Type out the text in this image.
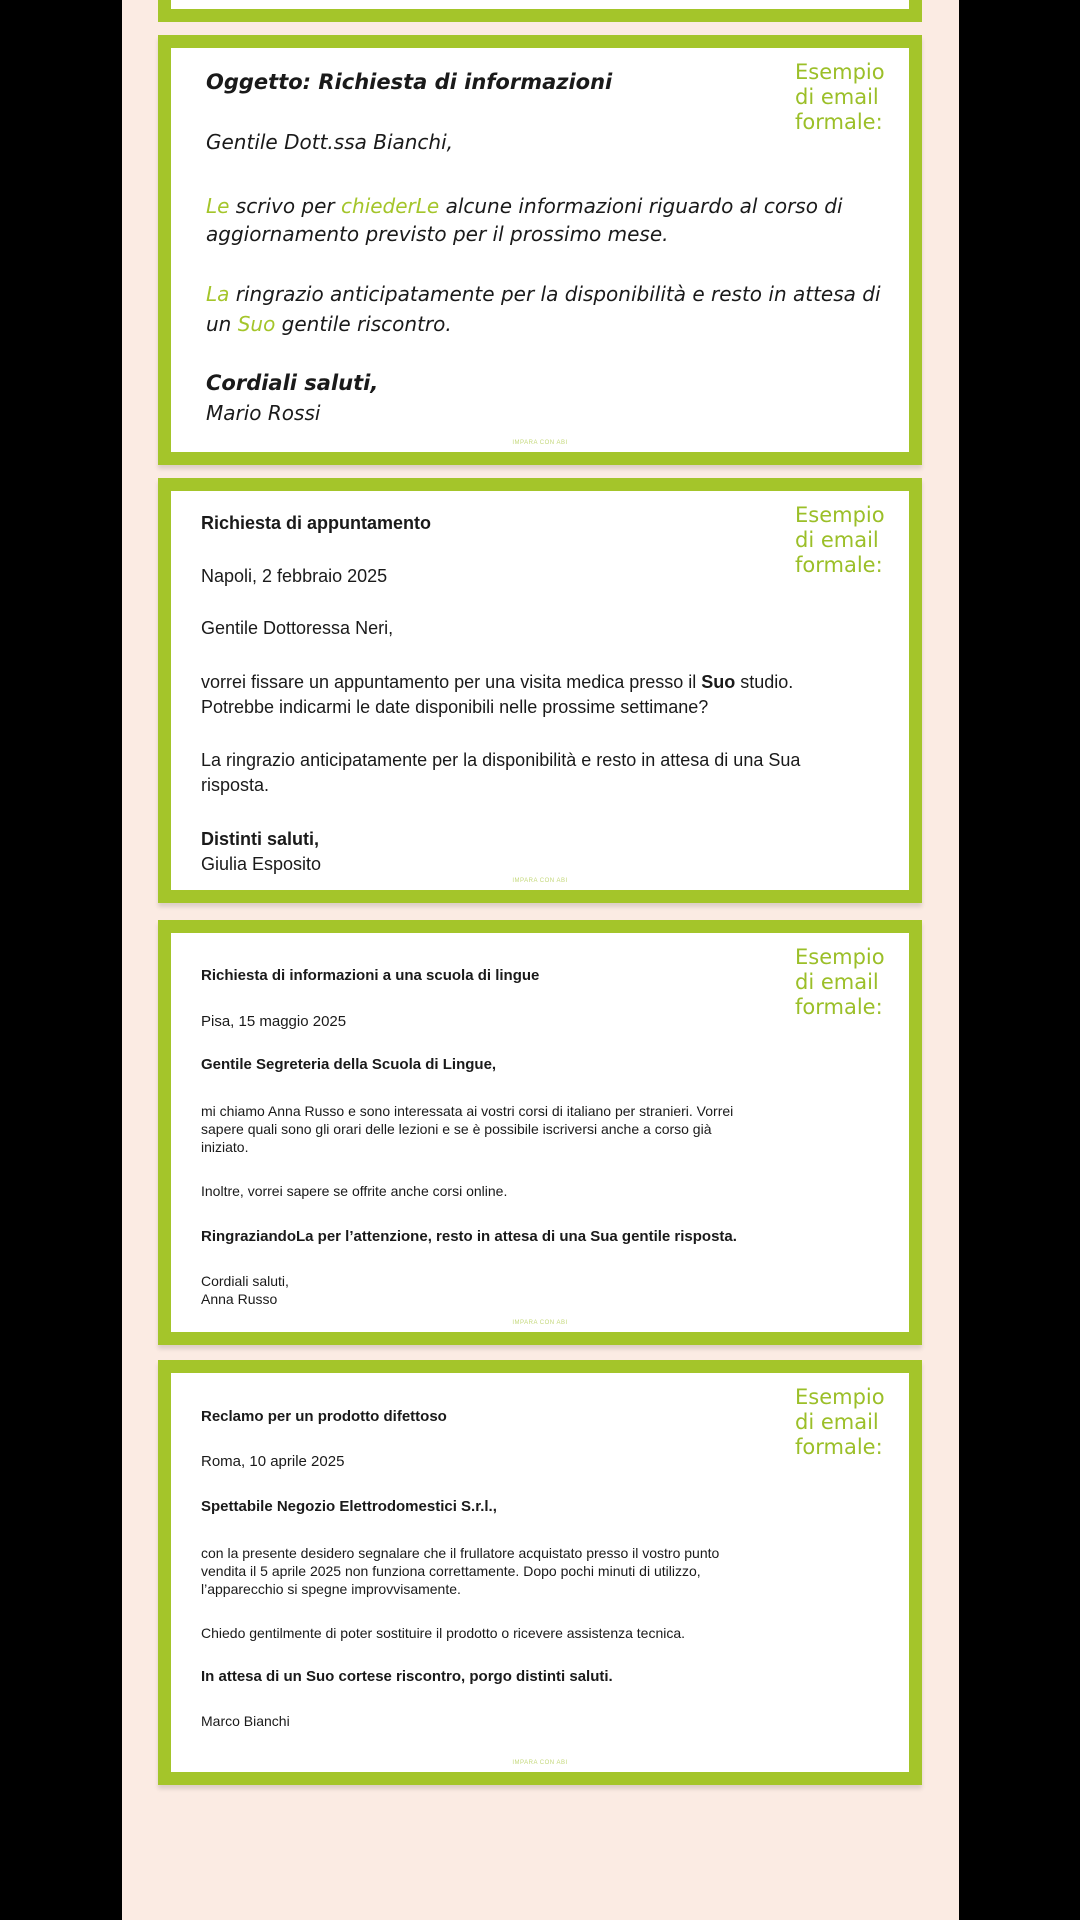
Esempio
di email
formale:

Oggetto: Richiesta di informazioni

Gentile Dott.ssa Bianchi,

Le scrivo per chiederLe alcune informazioni riguardo al corso di

aggiornamento previsto per il prossimo mese.

La ringrazio anticipatamente per la disponibilità e resto in attesa di

un Suo gentile riscontro.

Cordiali saluti,

Mario Rossi

IMPARA CON ABI
Esempio
di email
formale:

Richiesta di appuntamento

Napoli, 2 febbraio 2025

Gentile Dottoressa Neri,

vorrei fissare un appuntamento per una visita medica presso il Suo studio.

Potrebbe indicarmi le date disponibili nelle prossime settimane?

La ringrazio anticipatamente per la disponibilità e resto in attesa di una Sua

risposta.

Distinti saluti,

Giulia Esposito

IMPARA CON ABI
Esempio
di email
formale:

Richiesta di informazioni a una scuola di lingue

Pisa, 15 maggio 2025

Gentile Segreteria della Scuola di Lingue,

mi chiamo Anna Russo e sono interessata ai vostri corsi di italiano per stranieri. Vorrei

sapere quali sono gli orari delle lezioni e se è possibile iscriversi anche a corso già

iniziato.

Inoltre, vorrei sapere se offrite anche corsi online.

RingraziandoLa per l’attenzione, resto in attesa di una Sua gentile risposta.

Cordiali saluti,

Anna Russo

IMPARA CON ABI
Esempio
di email
formale:

Reclamo per un prodotto difettoso

Roma, 10 aprile 2025

Spettabile Negozio Elettrodomestici S.r.l.,

con la presente desidero segnalare che il frullatore acquistato presso il vostro punto

vendita il 5 aprile 2025 non funziona correttamente. Dopo pochi minuti di utilizzo,

l’apparecchio si spegne improvvisamente.

Chiedo gentilmente di poter sostituire il prodotto o ricevere assistenza tecnica.

In attesa di un Suo cortese riscontro, porgo distinti saluti.

Marco Bianchi

IMPARA CON ABI
